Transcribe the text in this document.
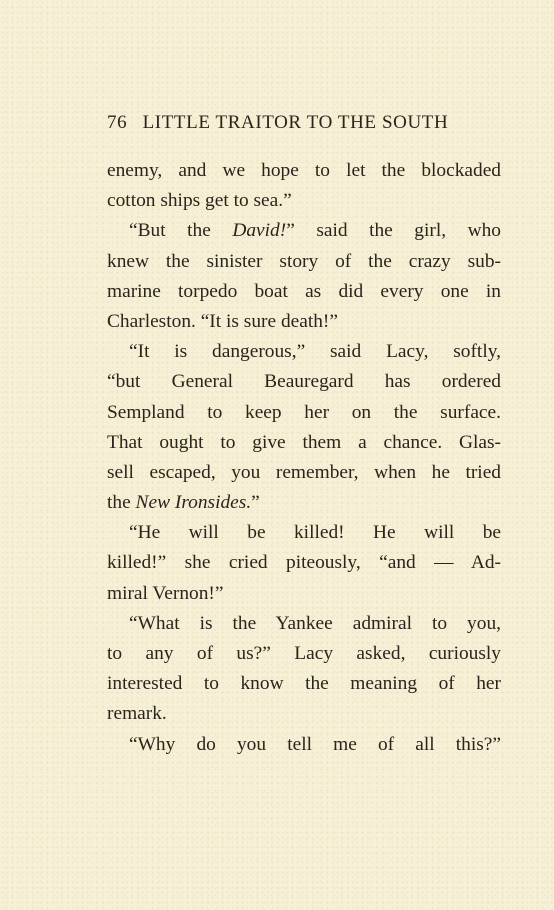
76 LITTLE TRAITOR TO THE SOUTH
enemy, and we hope to let the blockaded
cotton ships get to sea.”
“But the David!” said the girl, who
knew the sinister story of the crazy sub-
marine torpedo boat as did every one in
Charleston. “It is sure death!”
“It is dangerous,” said Lacy, softly,
“but General Beauregard has ordered
Sempland to keep her on the surface.
That ought to give them a chance. Glas-
sell escaped, you remember, when he tried
the New Ironsides.”
“He will be killed! He will be
killed!” she cried piteously, “and — Ad-
miral Vernon!”
“What is the Yankee admiral to you,
to any of us?” Lacy asked, curiously
interested to know the meaning of her
remark.
“Why do you tell me of all this?”
